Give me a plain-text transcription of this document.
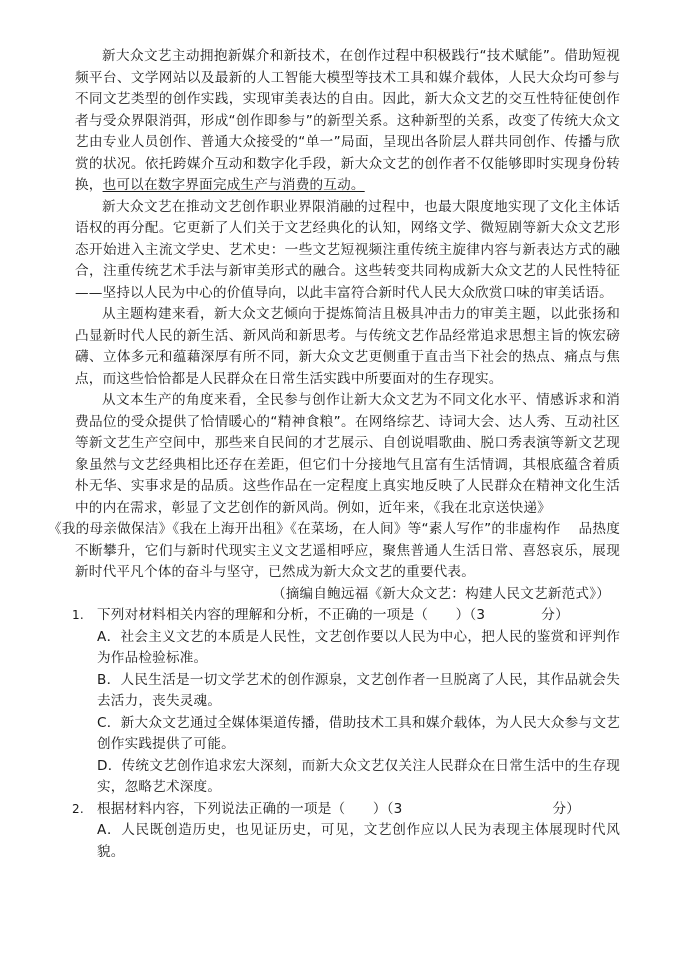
新大众文艺主动拥抱新媒介和新技术，在创作过程中积极践行“技术赋能”。借助短视频平台、文学网站以及最新的人工智能大模型等技术工具和媒介载体，人民大众均可参与不同文艺类型的创作实践，实现审美表达的自由。因此，新大众文艺的交互性特征使创作者与受众界限消弭，形成“创作即参与”的新型关系。这种新型的关系，改变了传统大众文艺由专业人员创作、普通大众接受的“单一”局面，呈现出各阶层人群共同创作、传播与欣赏的状况。依托跨媒介互动和数字化手段，新大众文艺的创作者不仅能够即时实现身份转换，也可以在数字界面完成生产与消费的互动。

新大众文艺在推动文艺创作职业界限消融的过程中，也最大限度地实现了文化主体话语权的再分配。它更新了人们关于文艺经典化的认知，网络文学、微短剧等新大众文艺形态开始进入主流文学史、艺术史：一些文艺短视频注重传统主旋律内容与新表达方式的融合，注重传统艺术手法与新审美形式的融合。这些转变共同构成新大众文艺的人民性特征——坚持以人民为中心的价值导向，以此丰富符合新时代人民大众欣赏口味的审美话语。

从主题构建来看，新大众文艺倾向于提炼简洁且极具冲击力的审美主题，以此张扬和凸显新时代人民的新生活、新风尚和新思考。与传统文艺作品经常追求思想主旨的恢宏磅礴、立体多元和蕴藉深厚有所不同，新大众文艺更侧重于直击当下社会的热点、痛点与焦点，而这些恰恰都是人民群众在日常生活实践中所要面对的生存现实。

从文本生产的角度来看，全民参与创作让新大众文艺为不同文化水平、情感诉求和消费品位的受众提供了恰情暖心的“精神食粮”。在网络综艺、诗词大会、达人秀、互动社区等新文艺生产空间中，那些来自民间的才艺展示、自创说唱歌曲、脱口秀表演等新文艺现象虽然与文艺经典相比还存在差距，但它们十分接地气且富有生活情调，其根底蕴含着质朴无华、实事求是的品质。这些作品在一定程度上真实地反映了人民群众在精神文化生活中的内在需求，彰显了文艺创作的新风尚。例如，近年来，《我在北京送快递》
《我的母亲做保洁》《我在上海开出租》《在菜场，在人间》等“素人写作”的非虚构作 品热度不断攀升，它们与新时代现实主义文艺遥相呼应，聚焦普通人生活日常、喜怒哀乐，展现新时代平凡个体的奋斗与坚守，已然成为新大众文艺的重要代表。

（摘编自鲍远福《新大众文艺：构建人民文艺新范式》）

1. 下列对材料相关内容的理解和分析，不正确的一项是（　　）（3	分）

A．社会主义文艺的本质是人民性，文艺创作要以人民为中心，把人民的鉴赏和评判作为作品检验标准。

B．人民生活是一切文学艺术的创作源泉，文艺创作者一旦脱离了人民，其作品就会失去活力，丧失灵魂。

C．新大众文艺通过全媒体渠道传播，借助技术工具和媒介载体，为人民大众参与文艺创作实践提供了可能。

D．传统文艺创作追求宏大深刻，而新大众文艺仅关注人民群众在日常生活中的生存现实，忽略艺术深度。

2. 根据材料内容，下列说法正确的一项是（　　）（3	分）

A．人民既创造历史，也见证历史，可见，文艺创作应以人民为表现主体展现时代风貌。
